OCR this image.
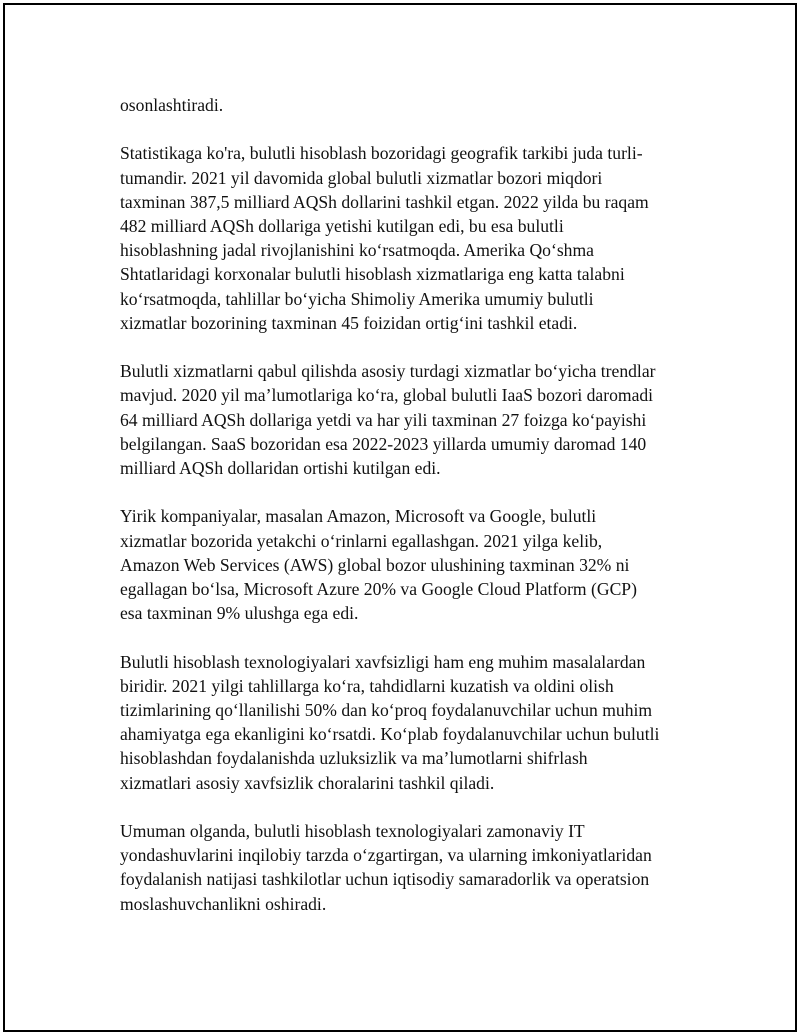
osonlashtiradi.

Statistikaga ko'ra, bulutli hisoblash bozoridagi geografik tarkibi juda turli-
tumandir. 2021 yil davomida global bulutli xizmatlar bozori miqdori
taxminan 387,5 milliard AQSh dollarini tashkil etgan. 2022 yilda bu raqam
482 milliard AQSh dollariga yetishi kutilgan edi, bu esa bulutli
hisoblashning jadal rivojlanishini ko‘rsatmoqda. Amerika Qo‘shma
Shtatlaridagi korxonalar bulutli hisoblash xizmatlariga eng katta talabni
ko‘rsatmoqda, tahlillar bo‘yicha Shimoliy Amerika umumiy bulutli
xizmatlar bozorining taxminan 45 foizidan ortig‘ini tashkil etadi.

Bulutli xizmatlarni qabul qilishda asosiy turdagi xizmatlar bo‘yicha trendlar
mavjud. 2020 yil ma’lumotlariga ko‘ra, global bulutli IaaS bozori daromadi
64 milliard AQSh dollariga yetdi va har yili taxminan 27 foizga ko‘payishi
belgilangan. SaaS bozoridan esa 2022-2023 yillarda umumiy daromad 140
milliard AQSh dollaridan ortishi kutilgan edi.

Yirik kompaniyalar, masalan Amazon, Microsoft va Google, bulutli
xizmatlar bozorida yetakchi o‘rinlarni egallashgan. 2021 yilga kelib,
Amazon Web Services (AWS) global bozor ulushining taxminan 32% ni
egallagan bo‘lsa, Microsoft Azure 20% va Google Cloud Platform (GCP)
esa taxminan 9% ulushga ega edi.

Bulutli hisoblash texnologiyalari xavfsizligi ham eng muhim masalalardan
biridir. 2021 yilgi tahlillarga ko‘ra, tahdidlarni kuzatish va oldini olish
tizimlarining qo‘llanilishi 50% dan ko‘proq foydalanuvchilar uchun muhim
ahamiyatga ega ekanligini ko‘rsatdi. Ko‘plab foydalanuvchilar uchun bulutli
hisoblashdan foydalanishda uzluksizlik va ma’lumotlarni shifrlash
xizmatlari asosiy xavfsizlik choralarini tashkil qiladi.

Umuman olganda, bulutli hisoblash texnologiyalari zamonaviy IT
yondashuvlarini inqilobiy tarzda o‘zgartirgan, va ularning imkoniyatlaridan
foydalanish natijasi tashkilotlar uchun iqtisodiy samaradorlik va operatsion
moslashuvchanlikni oshiradi.
